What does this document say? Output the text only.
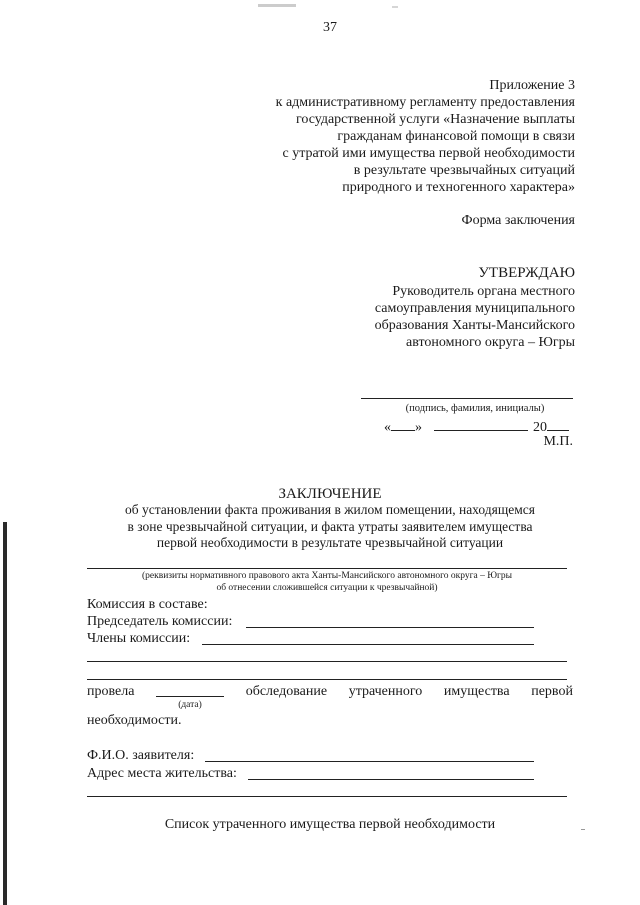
37
Приложение 3
к административному регламенту предоставления
государственной услуги «Назначение выплаты
гражданам финансовой помощи в связи
с утратой ими имущества первой необходимости
в результате чрезвычайных ситуаций
природного и техногенного характера»
Форма заключения
УТВЕРЖДАЮ
Руководитель органа местного
самоуправления муниципального
образования Ханты-Мансийского
автономного округа – Югры
(подпись, фамилия, инициалы)
« »	20
М.П.
ЗАКЛЮЧЕНИЕ
об установлении факта проживания в жилом помещении, находящемся
в зоне чрезвычайной ситуации, и факта утраты заявителем имущества
первой необходимости в результате чрезвычайной ситуации
(реквизиты нормативного правового акта Ханты-Мансийского автономного округа – Югры
об отнесении сложившейся ситуации к чрезвычайной)
Комиссия в составе:
Председатель комиссии:
Члены комиссии:
провела	обследование утраченного имущества первой
(дата)
необходимости.
Ф.И.О. заявителя:
Адрес места жительства:
Список утраченного имущества первой необходимости
